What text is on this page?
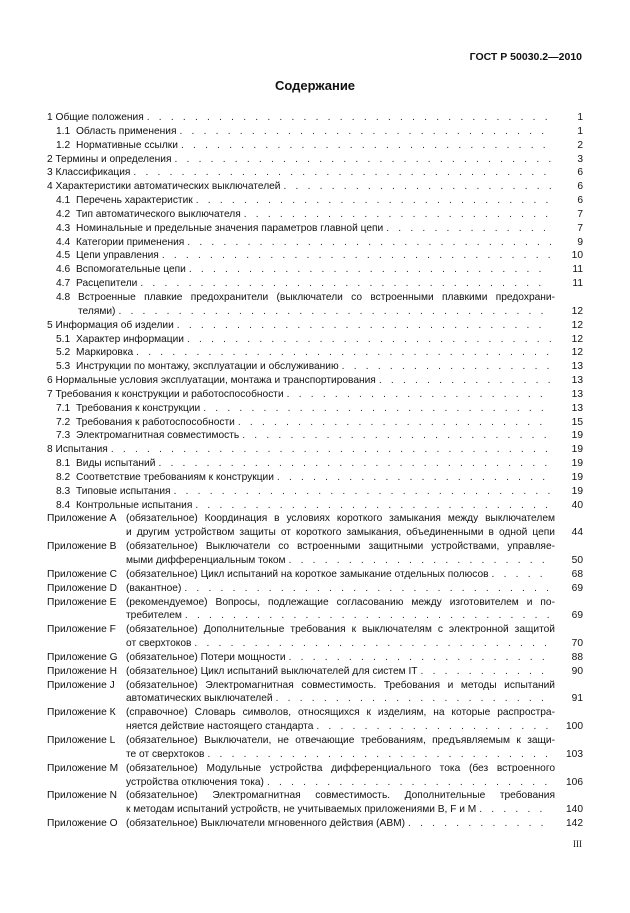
ГОСТ Р 50030.2—2010
Содержание
1
Общие положения . . .	1
1.1 Область применения . . .	1
1.2 Нормативные ссылки . . .	2
2
Термины и определения . . .	3
3
Классификация . . .	6
4
Характеристики автоматических выключателей . . .	6
4.1 Перечень характеристик . . .	6
4.2 Тип автоматического выключателя . . .	7
4.3 Номинальные и предельные значения параметров главной цепи . . .	7
4.4 Категории применения . . .	9
4.5 Цепи управления . . .	10
4.6 Вспомогательные цепи . . .	11
4.7 Расцепители . . .	11
4.8 Встроенные плавкие предохранители (выключатели со встроенными плавкими предохрани-
телями) . . .	12
5
Информация об изделии . . .	12
5.1 Характер информации . . .	12
5.2 Маркировка . . .	12
5.3 Инструкции по монтажу, эксплуатации и обслуживанию . . .	13
6
Нормальные условия эксплуатации, монтажа и транспортирования . . .	13
7
Требования к конструкции и работоспособности . . .	13
7.1 Требования к конструкции . . .	13
7.2 Требования к работоспособности . . .	15
7.3 Электромагнитная совместимость . . .	19
8
Испытания . . .	19
8.1 Виды испытаний . . .	19
8.2 Соответствие требованиям к конструкции . . .	19
8.3 Типовые испытания . . .	19
8.4 Контрольные испытания . . .	40
Приложение А (обязательное) Координация в условиях короткого замыкания между выключателем
и другим устройством защиты от короткого замыкания, объединенными в одной цепи	44
Приложение В (обязательное) Выключатели со встроенными защитными устройствами, управляе-
мыми дифференциальным током . . .	50
Приложение С (обязательное) Цикл испытаний на короткое замыкание отдельных полюсов . . .	68
Приложение D (вакантное) . . .	69
Приложение Е (рекомендуемое) Вопросы, подлежащие согласованию между изготовителем и по-
требителем . . .	69
Приложение F (обязательное) Дополнительные требования к выключателям с электронной защитой
от сверхтоков . . .	70
Приложение G (обязательное) Потери мощности . . .	88
Приложение Н (обязательное) Цикл испытаний выключателей для систем IT . . .	90
Приложение J	(обязательное) Электромагнитная совместимость. Требования и методы испытаний
автоматических выключателей . . .	91
Приложение К	(справочное) Словарь символов, относящихся к изделиям, на которые распростра-
няется действие настоящего стандарта . . .	100
Приложение L	(обязательное) Выключатели, не отвечающие требованиям, предъявляемым к защи-
те от сверхтоков . . .	103
Приложение М (обязательное) Модульные устройства дифференциального тока (без встроенного
устройства отключения тока) . . .	106
Приложение N (обязательное) Электромагнитная совместимость. Дополнительные требования
к методам испытаний устройств, не учитываемых приложениями В, F и М . . .	140
Приложение О (обязательное) Выключатели мгновенного действия (АВМ) . . .	142
III
